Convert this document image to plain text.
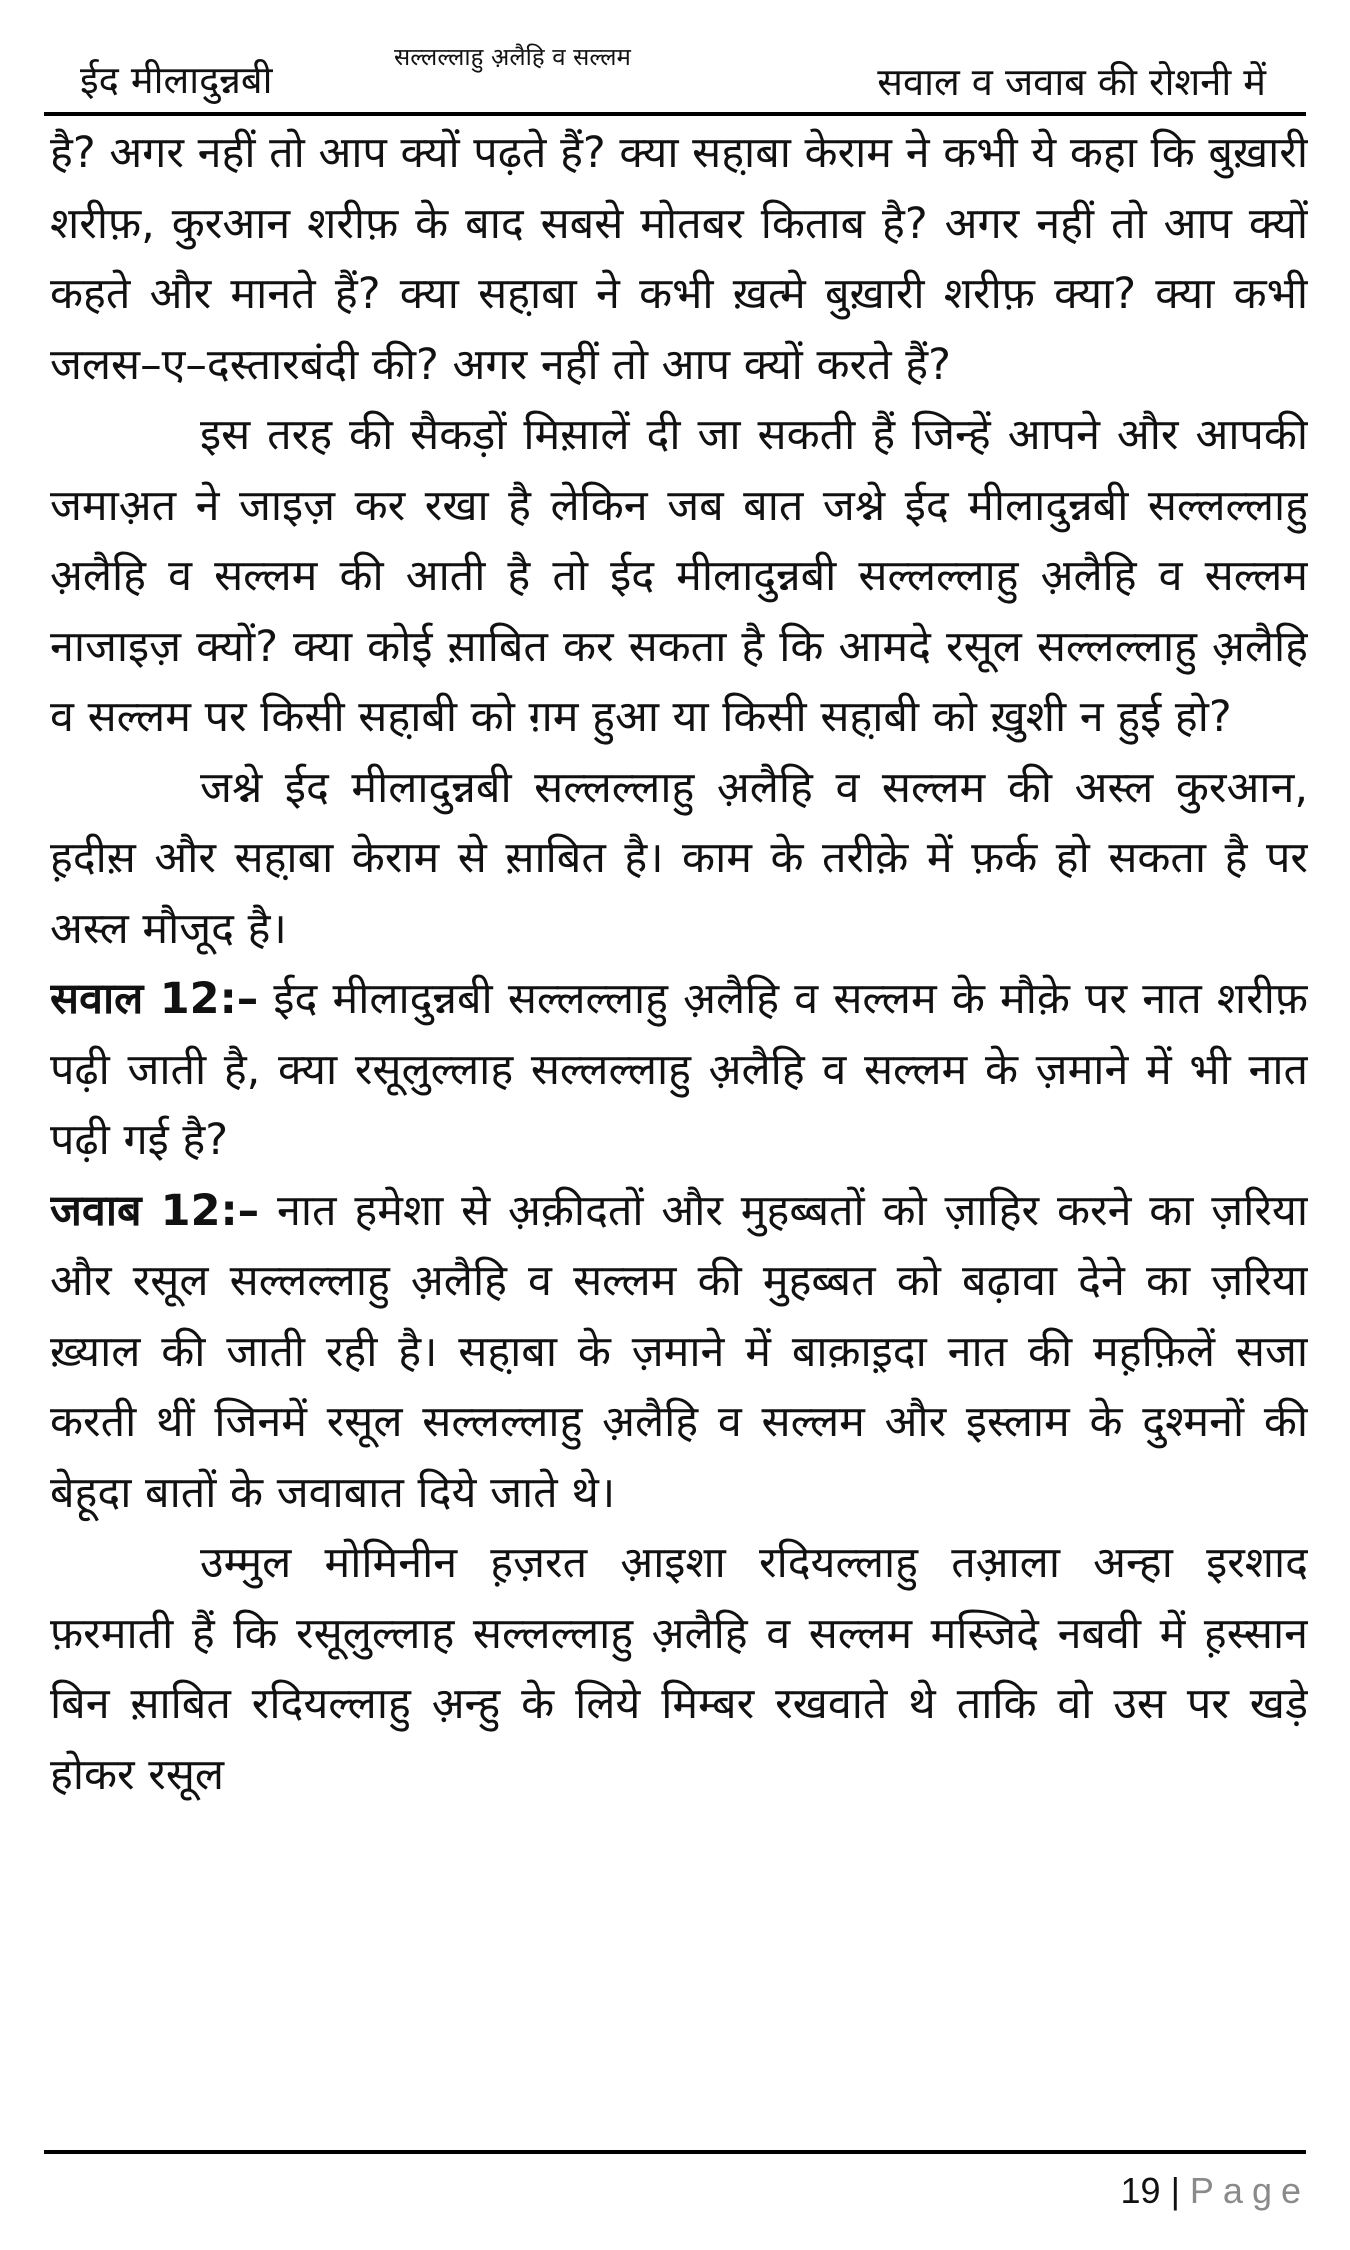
ईद मीलादुन्नबी
सल्लल्लाहु अ़लैहि व सल्लम
सवाल व जवाब की रोशनी में

है? अगर नहीं तो आप क्यों पढ़ते हैं? क्या सहा़बा केराम ने कभी ये कहा कि बुख़ारी शरीफ़, कुरआन शरीफ़ के बाद सबसे मोतबर किताब है? अगर नहीं तो आप क्यों कहते और मानते हैं? क्या सहा़बा ने कभी ख़त्मे बुख़ारी शरीफ़ क्या? क्या कभी जलस–ए–दस्तारबंदी की? अगर नहीं तो आप क्यों करते हैं?

इस तरह की सैकड़ों मिस़ालें दी जा सकती हैं जिन्हें आपने और आपकी जमाअ़त ने जाइज़ कर रखा है लेकिन जब बात जश्ने ईद मीलादुन्नबी सल्लल्लाहु अ़लैहि व सल्लम की आती है तो ईद मीलादुन्नबी सल्लल्लाहु अ़लैहि व सल्लम नाजाइज़ क्यों? क्या कोई स़ाबित कर सकता है कि आमदे रसूल सल्लल्लाहु अ़लैहि व सल्लम पर किसी सहा़बी को ग़म हुआ या किसी सहा़बी को ख़ुशी न हुई हो?

जश्ने ईद मीलादुन्नबी सल्लल्लाहु अ़लैहि व सल्लम की अस्ल कुरआन, ह़दीस़ और सहा़बा केराम से स़ाबित है। काम के तरीक़े में फ़र्क हो सकता है पर अस्ल मौजूद है।

सवाल 12:– ईद मीलादुन्नबी सल्लल्लाहु अ़लैहि व सल्लम के मौक़े पर नात शरीफ़ पढ़ी जाती है, क्या रसूलुल्लाह सल्लल्लाहु अ़लैहि व सल्लम के ज़माने में भी नात पढ़ी गई है?

जवाब 12:– नात हमेशा से अ़क़ीदतों और मुहब्बतों को ज़ाहिर करने का ज़रिया और रसूल सल्लल्लाहु अ़लैहि व सल्लम की मुहब्बत को बढ़ावा देने का ज़रिया ख़्याल की जाती रही है। सहा़बा के ज़माने में बाक़ाइ़दा नात की मह़फ़िलें सजा करती थीं जिनमें रसूल सल्लल्लाहु अ़लैहि व सल्लम और इस्लाम के दुश्मनों की बेहूदा बातों के जवाबात दिये जाते थे।

उम्मुल मोमिनीन ह़ज़रत आ़इशा रदियल्लाहु तआ़ला अन्हा इरशाद फ़रमाती हैं कि रसूलुल्लाह सल्लल्लाहु अ़लैहि व सल्लम मस्जिदे नबवी में ह़स्सान बिन स़ाबित रदियल्लाहु अ़न्हु के लिये मिम्बर रखवाते थे ताकि वो उस पर खड़े होकर रसूल

19 | Page
